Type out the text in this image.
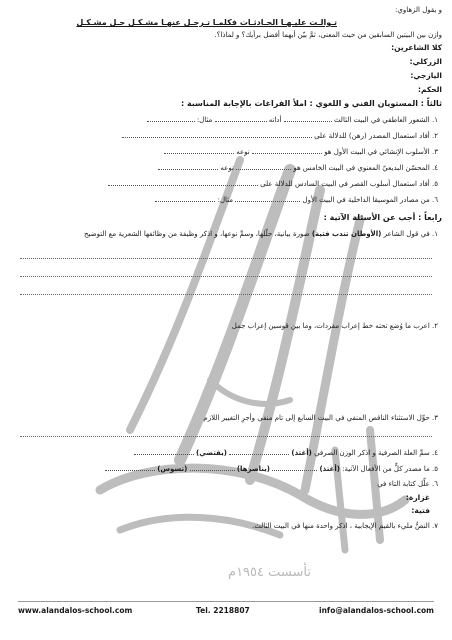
تأسست ١٩٥٤م
و يقول الزهاوي:
تـوالـت عليـهـا الحـادثـات فكلمـا تـرحـل عنهـا مشـكـل حـل مشـكـل
وازن بين البيتين السابقين من حيث المعنى، ثمَّ بيّن أيهما أفضل برأيك؟ و لماذا؟.
كلا الشاعرين:
الزركلي:
اليازجي:
الحكم:
ثالثاً : المستويان الفني و اللغوي : املأ الفراغات بالإجابة المناسبة :
١. الشعور العاطفي في البيت الثالث  أداته  مثال:
٢. أفاد استعمال المصدر (رهن) للدلالة على
٣. الأسلوب الإنشائي في البيت الأول هو  نوعه
٤. المحسّن البديعيّ المعنوي في البيت الخامس هو  نوعه
٥. أفاد استعمال أسلوب القصر في البيت السادس للدلالة على
٦. من مصادر الموسيقا الداخلية في البيت الأول  مثال:
رابعاً : أجب عن الأسئلة الآتية :
١. في قول الشاعر (الأوطان تندب فتية) صورة بيانية، حلّلها، وسمِّ نوعها، و اذكر وظيفة من وظائفها الشعرية مع التوضيح
٢. اعرب ما وُضع تحته خط إعراب مفردات، وما بين قوسين إعراب جمل
٣. حوِّل الاستثناء الناقص المنفي في البيت السابع إلى تام منفي وأجرِ التغيير اللازم
٤. سمِّ العلة الصرفية و اذكر الوزن الصرفي (أغتذ)  (يقتضي)
٥. ما مصدر كلٍّ من الأفعال الآتية: (أغتذ)  (يناصرها)  (تسوس)
٦. علِّل كتابة التاء في
غزارة:
فتية:
٧. النصُّ مليء بالقيم الإيجابية ، اذكر واحدة منها في البيت الثالث.
www.alandalos-school.com	Tel. 2218807	info@alandalos-school.com
